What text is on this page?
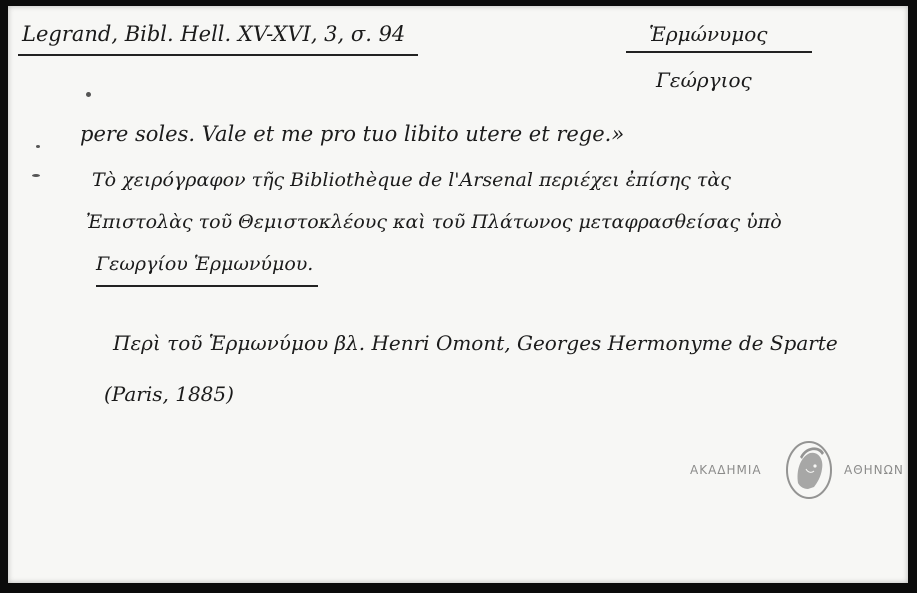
Legrand, Bibl. Hell. XV-XVI, 3, σ. 94	Ἑρμώνυμος
Γεώργιος
pere soles. Vale et me pro tuo libito utere et rege.»
Τὸ χειρόγραφον τῆς Bibliothèque de l'Arsenal περιέχει ἐπίσης τὰς
Ἐπιστολὰς τοῦ Θεμιστοκλέους καὶ τοῦ Πλάτωνος μεταφρασθείσας ὑπὸ
Γεωργίου Ἑρμωνύμου.
Περὶ τοῦ Ἑρμωνύμου βλ. Henri Omont, Georges Hermonyme de Sparte
(Paris, 1885)
ΑΚΑΔΗΜΙΑ	ΑΘΗΝΩΝ
